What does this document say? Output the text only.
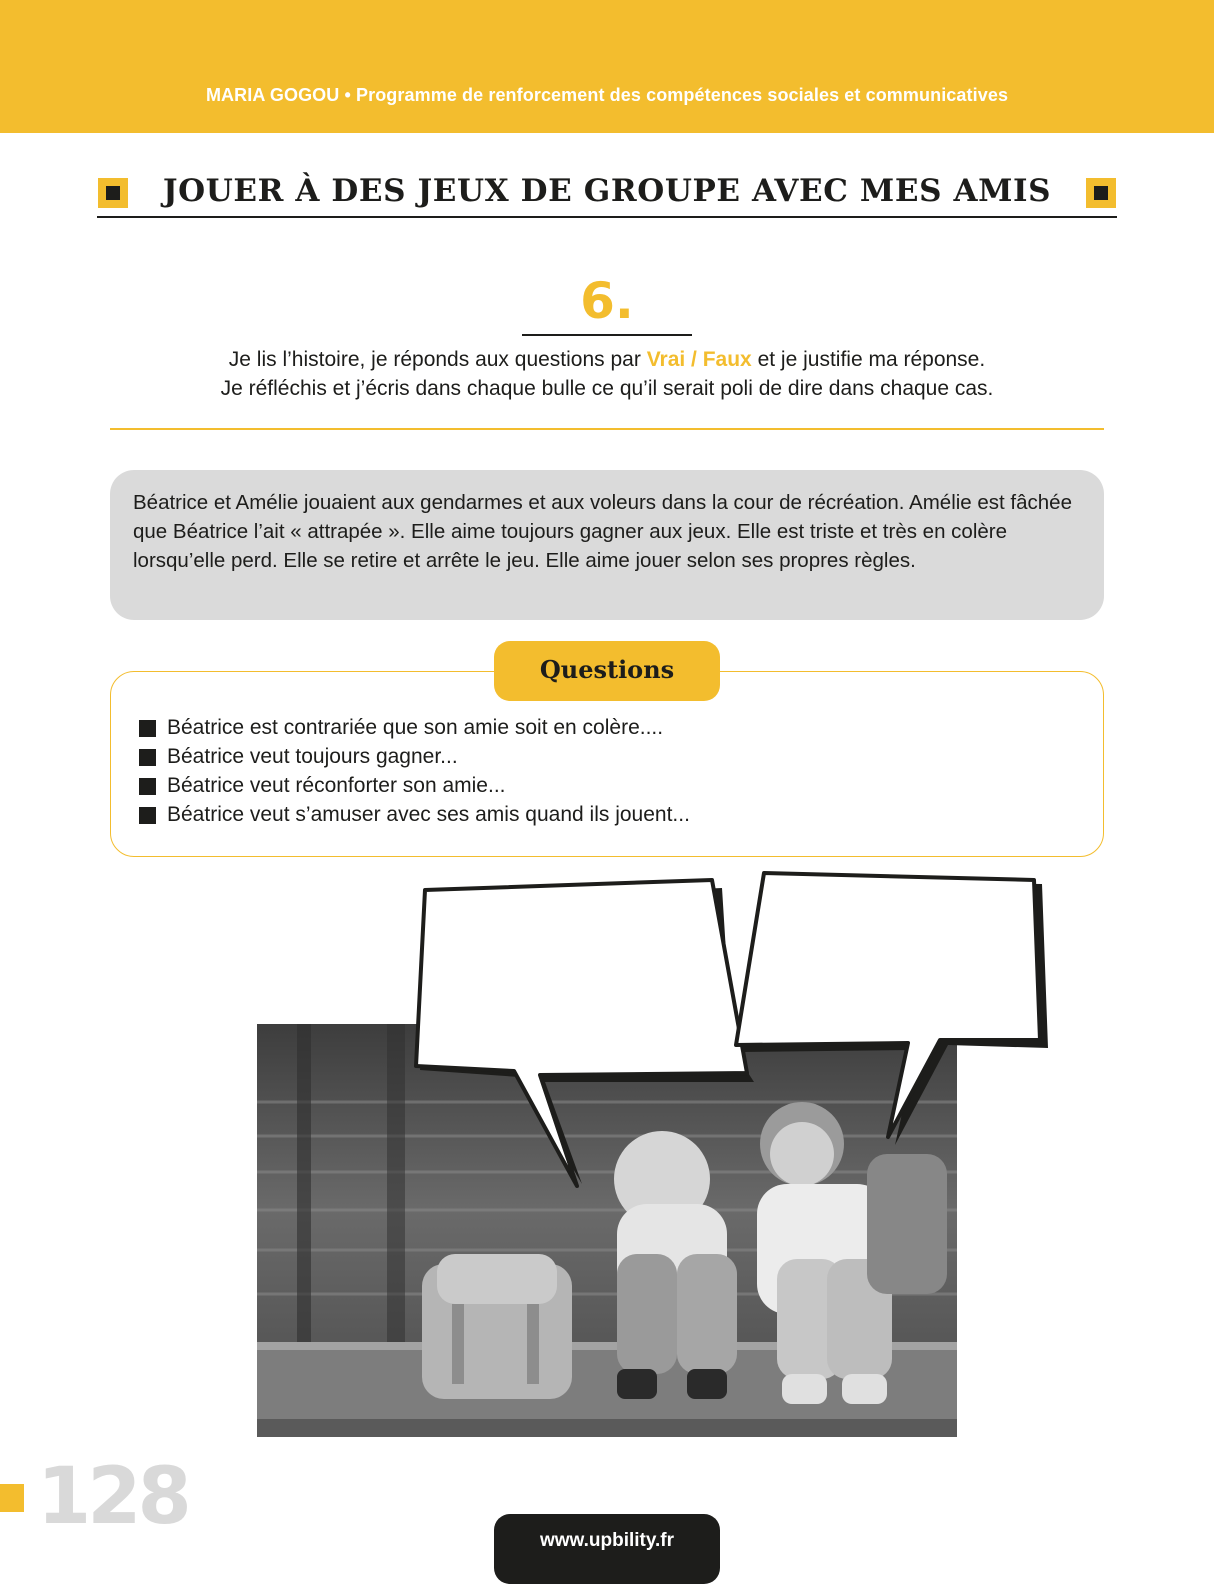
MARIA GOGOU • Programme de renforcement des compétences sociales et communicatives
JOUER À DES JEUX DE GROUPE AVEC MES AMIS
6.
Je lis l’histoire, je réponds aux questions par Vrai / Faux et je justifie ma réponse.
Je réfléchis et j’écris dans chaque bulle ce qu’il serait poli de dire dans chaque cas.
Béatrice et Amélie jouaient aux gendarmes et aux voleurs dans la cour de récréation. Amélie est fâchée que Béatrice l’ait « attrapée ». Elle aime toujours gagner aux jeux. Elle est triste et très en colère lorsqu’elle perd. Elle se retire et arrête le jeu. Elle aime jouer selon ses propres règles.
Questions
Béatrice est contrariée que son amie soit en colère....
Béatrice veut toujours gagner...
Béatrice veut réconforter son amie...
Béatrice veut s’amuser avec ses amis quand ils jouent...
128	www.upbility.fr
